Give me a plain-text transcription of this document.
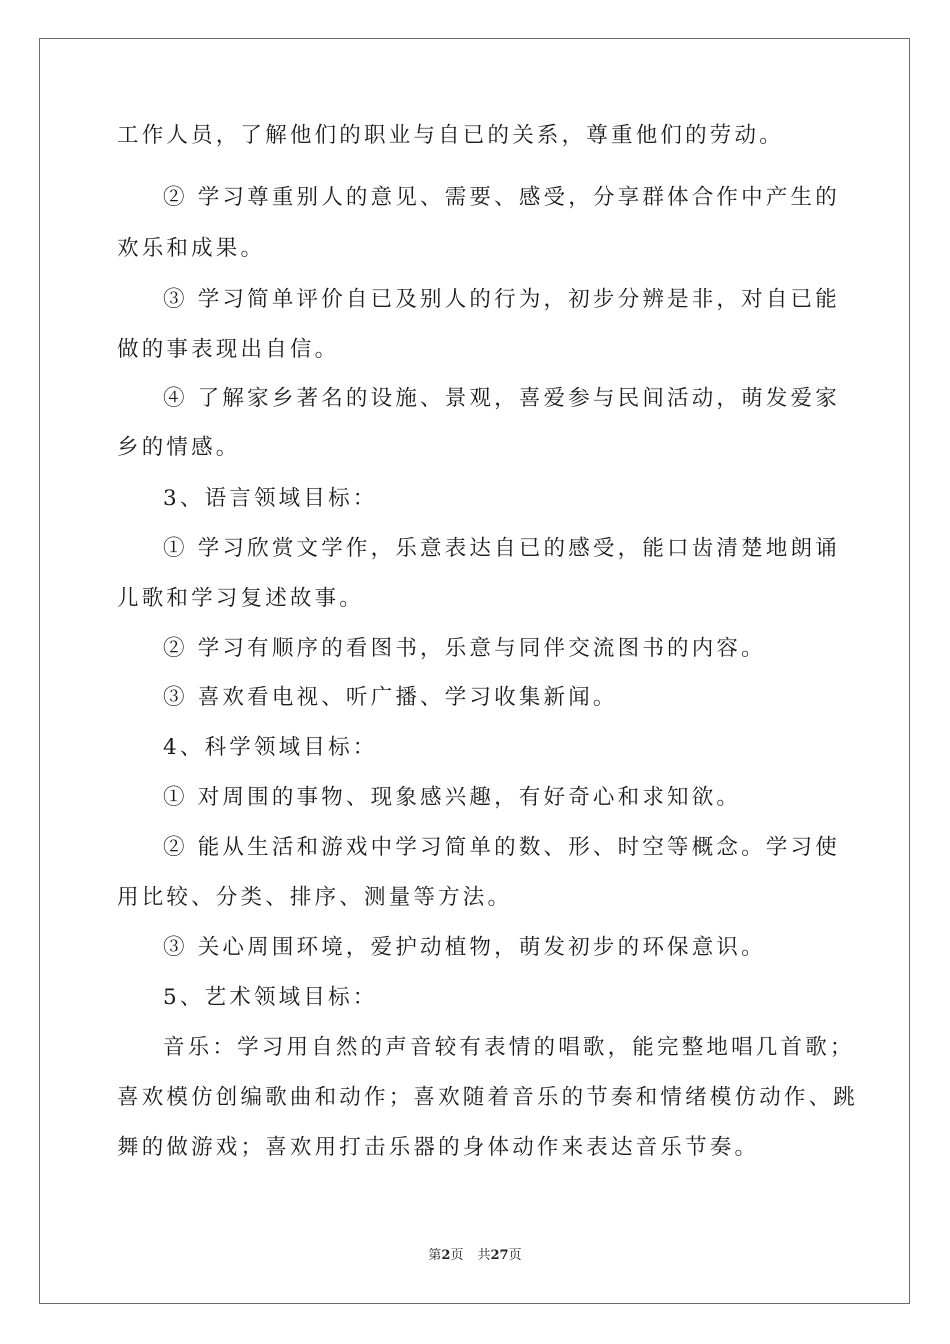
工作人员，了解他们的职业与自已的关系，尊重他们的劳动。
② 学习尊重别人的意见、需要、感受，分享群体合作中产生的
欢乐和成果。
③ 学习简单评价自已及别人的行为，初步分辨是非，对自已能
做的事表现出自信。
④ 了解家乡著名的设施、景观，喜爱参与民间活动，萌发爱家
乡的情感。
3、语言领域目标：
① 学习欣赏文学作，乐意表达自已的感受，能口齿清楚地朗诵
儿歌和学习复述故事。
② 学习有顺序的看图书，乐意与同伴交流图书的内容。
③ 喜欢看电视、听广播、学习收集新闻。
4、科学领域目标：
① 对周围的事物、现象感兴趣，有好奇心和求知欲。
② 能从生活和游戏中学习简单的数、形、时空等概念。学习使
用比较、分类、排序、测量等方法。
③ 关心周围环境，爱护动植物，萌发初步的环保意识。
5、艺术领域目标：
音乐：学习用自然的声音较有表情的唱歌，能完整地唱几首歌；
喜欢模仿创编歌曲和动作；喜欢随着音乐的节奏和情绪模仿动作、跳
舞的做游戏；喜欢用打击乐器的身体动作来表达音乐节奏。
第2页 共27页
